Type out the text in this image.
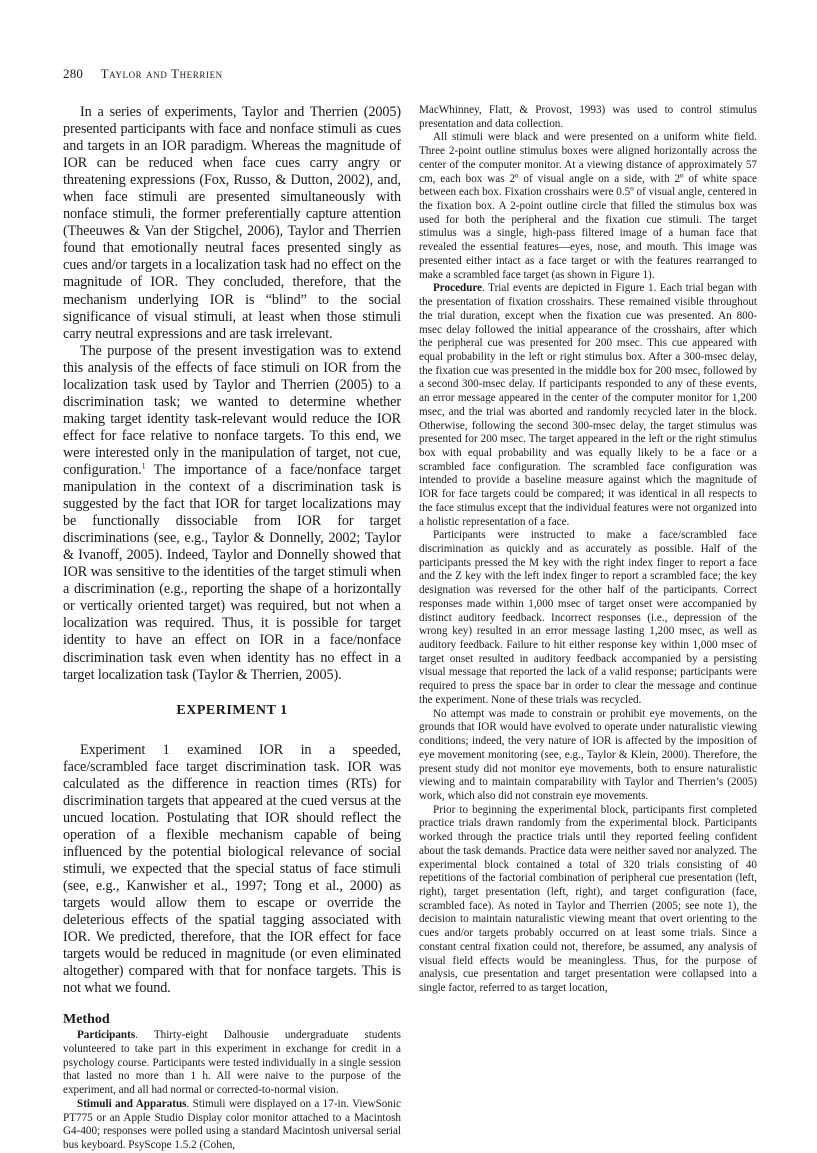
280 Taylor and Therrien

In a series of experiments, Taylor and Therrien (2005) presented participants with face and nonface stimuli as cues and targets in an IOR paradigm. Whereas the magnitude of IOR can be reduced when face cues carry angry or threatening expressions (Fox, Russo, & Dutton, 2002), and, when face stimuli are presented simultaneously with nonface stimuli, the former preferentially capture attention (Theeuwes & Van der Stigchel, 2006), Taylor and Therrien found that emotionally neutral faces presented singly as cues and/or targets in a localization task had no effect on the magnitude of IOR. They concluded, therefore, that the mechanism underlying IOR is “blind” to the social significance of visual stimuli, at least when those stimuli carry neutral expressions and are task irrelevant.

The purpose of the present investigation was to extend this analysis of the effects of face stimuli on IOR from the localization task used by Taylor and Therrien (2005) to a discrimination task; we wanted to determine whether making target identity task-relevant would reduce the IOR effect for face relative to nonface targets. To this end, we were interested only in the manipulation of target, not cue, configuration.$^1$ The importance of a face/nonface target manipulation in the context of a discrimination task is suggested by the fact that IOR for target localizations may be functionally dissociable from IOR for target discriminations (see, e.g., Taylor & Donnelly, 2002; Taylor & Ivanoff, 2005). Indeed, Taylor and Donnelly showed that IOR was sensitive to the identities of the target stimuli when a discrimination (e.g., reporting the shape of a horizontally or vertically oriented target) was required, but not when a localization was required. Thus, it is possible for target identity to have an effect on IOR in a face/nonface discrimination task even when identity has no effect in a target localization task (Taylor & Therrien, 2005).

EXPERIMENT 1

Experiment 1 examined IOR in a speeded, face/scrambled face target discrimination task. IOR was calculated as the difference in reaction times (RTs) for discrimination targets that appeared at the cued versus at the uncued location. Postulating that IOR should reflect the operation of a flexible mechanism capable of being influenced by the potential biological relevance of social stimuli, we expected that the special status of face stimuli (see, e.g., Kanwisher et al., 1997; Tong et al., 2000) as targets would allow them to escape or override the deleterious effects of the spatial tagging associated with IOR. We predicted, therefore, that the IOR effect for face targets would be reduced in magnitude (or even eliminated altogether) compared with that for nonface targets. This is not what we found.

Method

Participants. Thirty-eight Dalhousie undergraduate students volunteered to take part in this experiment in exchange for credit in a psychology course. Participants were tested individually in a single session that lasted no more than 1 h. All were naive to the purpose of the experiment, and all had normal or corrected-to-normal vision.

Stimuli and Apparatus. Stimuli were displayed on a 17-in. ViewSonic PT775 or an Apple Studio Display color monitor attached to a Macintosh G4-400; responses were polled using a standard Macintosh universal serial bus keyboard. PsyScope 1.5.2 (Cohen,

MacWhinney, Flatt, & Provost, 1993) was used to control stimulus presentation and data collection.

All stimuli were black and were presented on a uniform white field. Three 2-point outline stimulus boxes were aligned horizontally across the center of the computer monitor. At a viewing distance of approximately 57 cm, each box was 2º of visual angle on a side, with 2º of white space between each box. Fixation crosshairs were 0.5º of visual angle, centered in the fixation box. A 2-point outline circle that filled the stimulus box was used for both the peripheral and the fixation cue stimuli. The target stimulus was a single, high-pass filtered image of a human face that revealed the essential features—eyes, nose, and mouth. This image was presented either intact as a face target or with the features rearranged to make a scrambled face target (as shown in Figure 1).

Procedure. Trial events are depicted in Figure 1. Each trial began with the presentation of fixation crosshairs. These remained visible throughout the trial duration, except when the fixation cue was presented. An 800-msec delay followed the initial appearance of the crosshairs, after which the peripheral cue was presented for 200 msec. This cue appeared with equal probability in the left or right stimulus box. After a 300-msec delay, the fixation cue was presented in the middle box for 200 msec, followed by a second 300-msec delay. If participants responded to any of these events, an error message appeared in the center of the computer monitor for 1,200 msec, and the trial was aborted and randomly recycled later in the block. Otherwise, following the second 300-msec delay, the target stimulus was presented for 200 msec. The target appeared in the left or the right stimulus box with equal probability and was equally likely to be a face or a scrambled face configuration. The scrambled face configuration was intended to provide a baseline measure against which the magnitude of IOR for face targets could be compared; it was identical in all respects to the face stimulus except that the individual features were not organized into a holistic representation of a face.

Participants were instructed to make a face/scrambled face discrimination as quickly and as accurately as possible. Half of the participants pressed the M key with the right index finger to report a face and the Z key with the left index finger to report a scrambled face; the key designation was reversed for the other half of the participants. Correct responses made within 1,000 msec of target onset were accompanied by distinct auditory feedback. Incorrect responses (i.e., depression of the wrong key) resulted in an error message lasting 1,200 msec, as well as auditory feedback. Failure to hit either response key within 1,000 msec of target onset resulted in auditory feedback accompanied by a persisting visual message that reported the lack of a valid response; participants were required to press the space bar in order to clear the message and continue the experiment. None of these trials was recycled.

No attempt was made to constrain or prohibit eye movements, on the grounds that IOR would have evolved to operate under naturalistic viewing conditions; indeed, the very nature of IOR is affected by the imposition of eye movement monitoring (see, e.g., Taylor & Klein, 2000). Therefore, the present study did not monitor eye movements, both to ensure naturalistic viewing and to maintain comparability with Taylor and Therrien’s (2005) work, which also did not constrain eye movements.

Prior to beginning the experimental block, participants first completed practice trials drawn randomly from the experimental block. Participants worked through the practice trials until they reported feeling confident about the task demands. Practice data were neither saved nor analyzed. The experimental block contained a total of 320 trials consisting of 40 repetitions of the factorial combination of peripheral cue presentation (left, right), target presentation (left, right), and target configuration (face, scrambled face). As noted in Taylor and Therrien (2005; see note 1), the decision to maintain naturalistic viewing meant that overt orienting to the cues and/or targets probably occurred on at least some trials. Since a constant central fixation could not, therefore, be assumed, any analysis of visual field effects would be meaningless. Thus, for the purpose of analysis, cue presentation and target presentation were collapsed into a single factor, referred to as target location,
